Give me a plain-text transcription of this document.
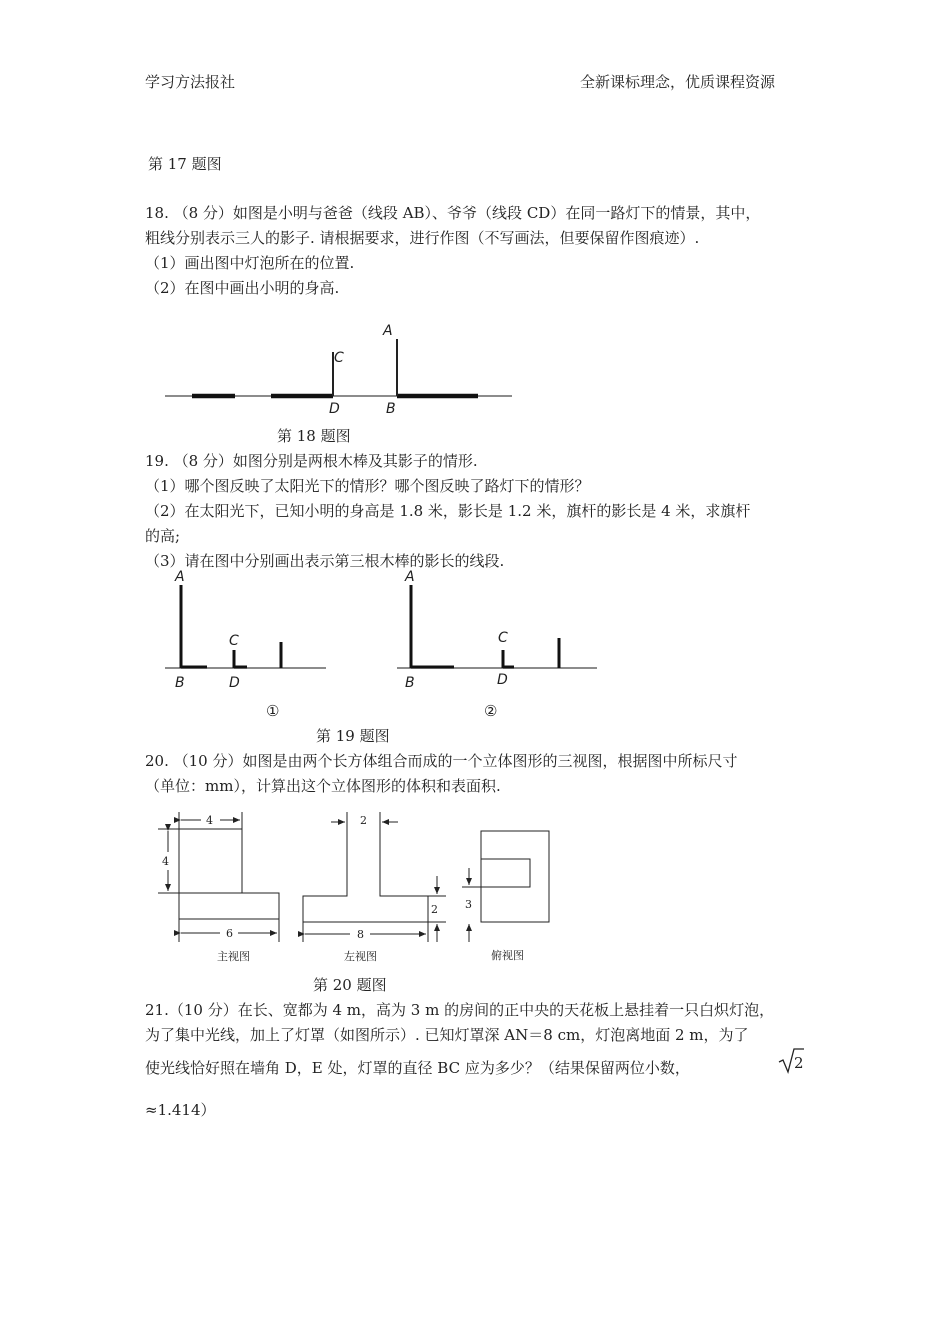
学习方法报社	全新课标理念，优质课程资源
第 17 题图
18. （8 分）如图是小明与爸爸（线段 AB）、爷爷（线段 CD）在同一路灯下的情景，其中，
粗线分别表示三人的影子. 请根据要求，进行作图（不写画法，但要保留作图痕迹）.
（1）画出图中灯泡所在的位置.
（2）在图中画出小明的身高.
C
A
D	B
第 18 题图
19. （8 分）如图分别是两根木棒及其影子的情形.
（1）哪个图反映了太阳光下的情形？哪个图反映了路灯下的情形？
（2）在太阳光下，已知小明的身高是 1.8 米，影长是 1.2 米，旗杆的影长是 4 米，求旗杆
的高;
（3）请在图中分别画出表示第三根木棒的影长的线段.
A
C
B	D
A
C
B	D
①	②
第 19 题图
20. （10 分）如图是由两个长方体组合而成的一个立体图形的三视图，根据图中所标尺寸
（单位：mm），计算出这个立体图形的体积和表面积.
4
4
6
主视图
2
2
8
左视图
3
俯视图
第 20 题图
21.（10 分）在长、宽都为 4 m，高为 3 m 的房间的正中央的天花板上悬挂着一只白炽灯泡，
为了集中光线，加上了灯罩（如图所示）. 已知灯罩深 AN＝8 cm，灯泡离地面 2 m，为了
使光线恰好照在墙角 D，E 处，灯罩的直径 BC 应为多少？（结果保留两位小数，	2
≈1.414）
